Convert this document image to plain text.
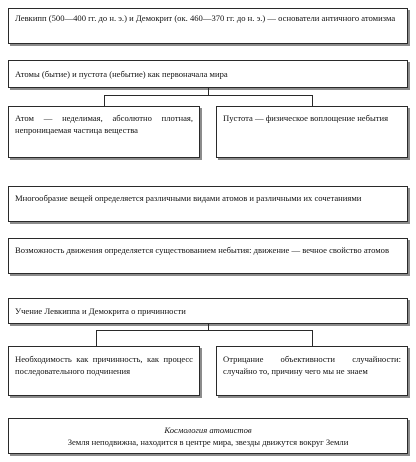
Левкипп (500—400 гг. до н. э.) и Демокрит (ок. 460—370 гг. до н. э.) — основатели античного атомизма
Атомы (бытие) и пустота (небытие) как первоначала мира
Атом — неделимая, абсолютно плотная, непроницаемая частица вещества
Пустота — физическое воплощение небытия
Многообразие вещей определяется различными видами атомов и различными их сочетаниями
Возможность движения определяется существованием небытия: движение — вечное свойство атомов
Учение Левкиппа и Демокрита о причинности
Необходимость как причинность, как процесс последовательного подчинения
Отрицание объективности случайности: случайно то, причину чего мы не знаем
Космология атомистов
Земля неподвижна, находится в центре мира, звезды движутся вокруг Земли
